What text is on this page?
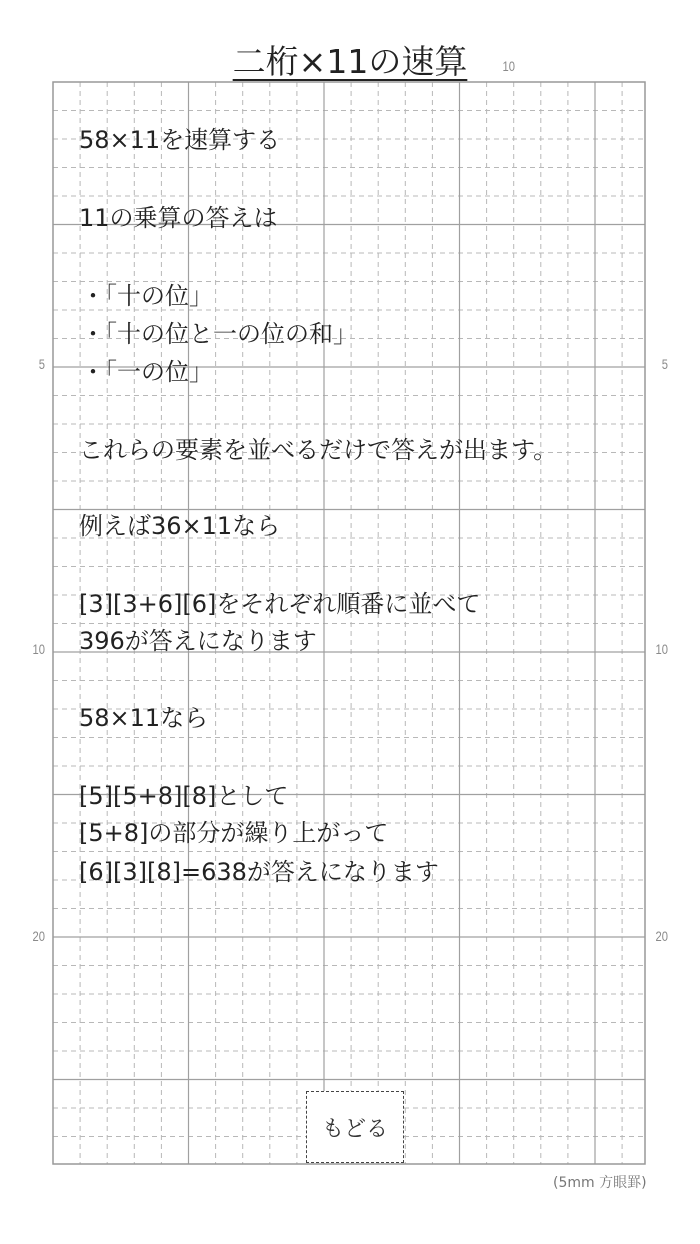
二桁×11の速算	10
5
10
20
5
10
20
58×11を速算する
11の乗算の答えは
・「十の位」
・「十の位と一の位の和」
・「一の位」
これらの要素を並べるだけで答えが出ます。
例えば36×11なら
[3][3+6][6]をそれぞれ順番に並べて
396が答えになります
58×11なら
[5][5+8][8]として
[5+8]の部分が繰り上がって
[6][3][8]=638が答えになります
もどる
(5mm 方眼罫)
